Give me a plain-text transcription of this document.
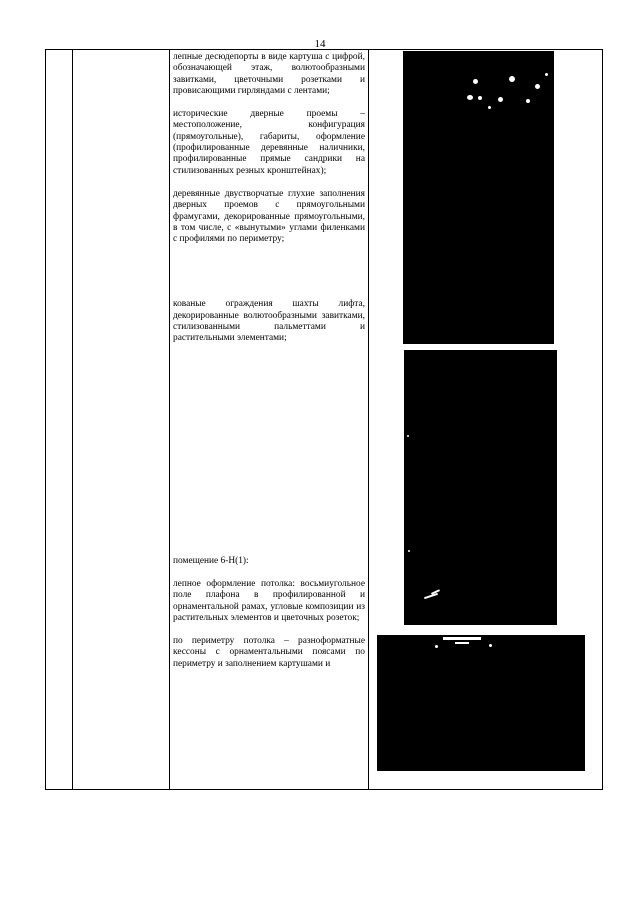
14

лепные десюдепорты в виде картуша с цифрой, обозначающей этаж, волютообразными завитками, цветочными розетками и провисающими гирляндами с лентами;

исторические дверные проемы – местоположение, конфигурация (прямоугольные), габариты, оформление (профилированные деревянные наличники, профилированные прямые сандрики на стилизованных резных кронштейнах);

деревянные двустворчатые глухие заполнения дверных проемов с прямоугольными фрамугами, декорированные прямоугольными, в том числе, с «вынутыми» углами филенками с профилями по периметру;

кованые ограждения шахты лифта, декорированные волютообразными завитками, стилизованными пальметтами и растительными элементами;

помещение 6-Н(1):

лепное оформление потолка: восьмиугольное поле плафона в профилированной и орнаментальной рамах, угловые композиции из растительных элементов и цветочных розеток;

по периметру потолка – разноформатные кессоны с орнаментальными поясами по периметру и заполнением картушами и
